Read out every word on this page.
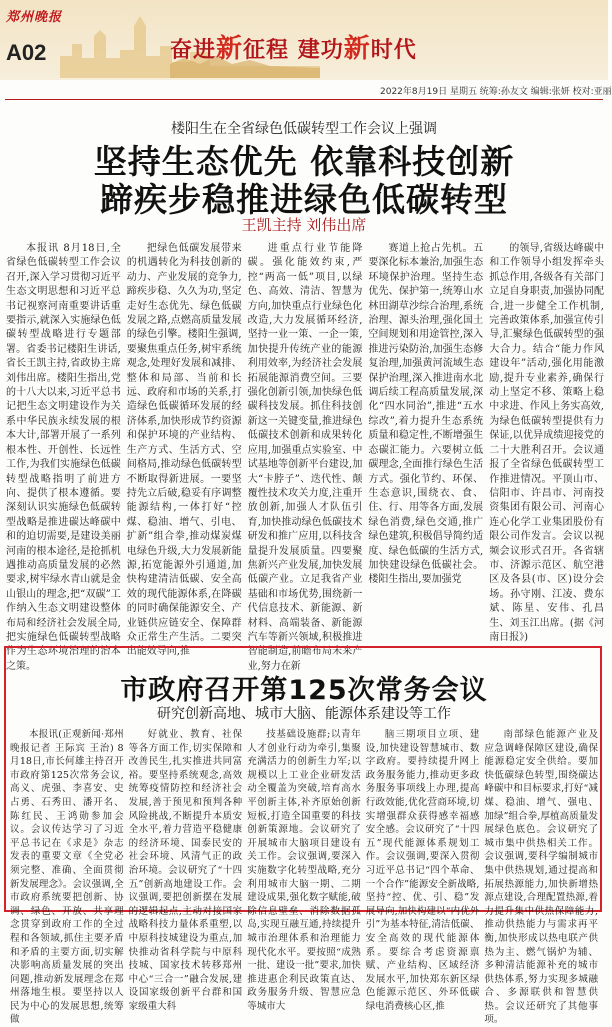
郑州晚报
A02	奋进新征程 建功新时代
2022年8月19日 星期五 统筹:孙友文 编辑:张妍 校对:亚丽
楼阳生在全省绿色低碳转型工作会议上强调
坚持生态优先 依靠科技创新
蹄疾步稳推进绿色低碳转型
王凯主持 刘伟出席

本报讯 8月18日,全省绿色低碳转型工作会议召开,深入学习贯彻习近平生态文明思想和习近平总书记视察河南重要讲话重要指示,就深入实施绿色低碳转型战略进行专题部署。省委书记楼阳生讲话,省长王凯主持,省政协主席刘伟出席。楼阳生指出,党的十八大以来,习近平总书记把生态文明建设作为关系中华民族永续发展的根本大计,部署开展了一系列根本性、开创性、长远性工作,为我们实施绿色低碳转型战略指明了前进方向、提供了根本遵循。要深刻认识实施绿色低碳转型战略是推进碳达峰碳中和的迫切需要,是建设美丽河南的根本途径,是抢抓机遇推动高质量发展的必然要求,树牢绿水青山就是金山银山的理念,把“双碳”工作纳入生态文明建设整体布局和经济社会发展全局,把实施绿色低碳转型战略作为生态环境治理的治本之策。

把绿色低碳发展带来的机遇转化为科技创新的动力、产业发展的竞争力,蹄疾步稳、久久为功,坚定走好生态优先、绿色低碳发展之路,点燃高质量发展的绿色引擎。楼阳生强调,要聚焦重点任务,树牢系统观念,处理好发展和减排、整体和局部、当前和长远、政府和市场的关系,打造绿色低碳循环发展的经济体系,加快形成节约资源和保护环境的产业结构、生产方式、生活方式、空间格局,推动绿色低碳转型不断取得新进展。一要坚持先立后破,稳妥有序调整能源结构,一体打好“控煤、稳油、增气、引电、扩新”组合拳,推动煤炭煤电绿色升级,大力发展新能源,拓宽能源外引通道,加快构建清洁低碳、安全高效的现代能源体系,在降碳的同时确保能源安全、产业链供应链安全、保障群众正常生产生活。二要突出能效导向,推

进重点行业节能降碳。强化能效约束,严控“两高一低”项目,以绿色、高效、清洁、智慧为方向,加快重点行业绿色化改造,大力发展循环经济,坚持一业一策、一企一策,加快提升传统产业的能源利用效率,为经济社会发展拓展能源消费空间。三要强化创新引领,加快绿色低碳科技发展。抓住科技创新这一关键变量,推进绿色低碳技术创新和成果转化应用,加强重点实验室、中试基地等创新平台建设,加大“卡脖子”、迭代性、颠覆性技术攻关力度,注重开放创新,加强人才队伍引育,加快推动绿色低碳技术研发和推广应用,以科技含量提升发展质量。四要聚焦新兴产业发展,加快发展低碳产业。立足我省产业基础和市场优势,围绕新一代信息技术、新能源、新材料、高端装备、新能源汽车等新兴领域,积极推进智能制造,前瞻布局未来产业,努力在新

赛道上抢占先机。五要深化标本兼治,加强生态环境保护治理。坚持生态优先、保护第一,统筹山水林田湖草沙综合治理,系统治理、源头治理,强化国土空间规划和用途管控,深入推进污染防治,加强生态修复治理,加强黄河流域生态保护治理,深入推进南水北调后续工程高质量发展,深化“四水同治”,推进“五水综改”,着力提升生态系统质量和稳定性,不断增强生态碳汇能力。六要树立低碳理念,全面推行绿色生活方式。强化节约、环保、生态意识,围绕衣、食、住、行、用等各方面,发展绿色消费,绿色交通,推广绿色建筑,积极倡导简约适度、绿色低碳的生活方式,加快建设绿色低碳社会。楼阳生指出,要加强党

的领导,省级达峰碳中和工作领导小组发挥牵头抓总作用,各级各有关部门立足自身职责,加强协同配合,进一步健全工作机制,完善政策体系,加强宣传引导,汇聚绿色低碳转型的强大合力。结合“能力作风建设年”活动,强化用能激励,提升专业素养,确保行动上坚定不移、策略上稳中求进、作风上务实高效,为绿色低碳转型提供有力保证,以优异成绩迎接党的二十大胜利召开。会议通报了全省绿色低碳转型工作推进情况。平顶山市、信阳市、许昌市、河南投资集团有限公司、河南心连心化学工业集团股份有限公司作发言。会议以视频会议形式召开。各省辖市、济源示范区、航空港区及各县(市、区)设分会场。孙守刚、江凌、费东斌、陈星、安伟、孔昌生、刘玉江出席。(据《河南日报》)

市政府召开第125次常务会议
研究创新高地、城市大脑、能源体系建设等工作

本报讯(正观新闻·郑州晚报记者 王际宾 王治) 8月18日,市长何雄主持召开市政府第125次常务会议,高义、虎强、李喜安、史占勇、石秀田、潘开名、陈红民、王鸿勋参加会议。会议传达学习了习近平总书记在《求是》杂志发表的重要文章《全党必须完整、准确、全面贯彻新发展理念》。会议强调,全市政府系统要把创新、协调、绿色、开放、共享理念贯穿到政府工作的全过程和各领域,抓住主要矛盾和矛盾的主要方面,切实解决影响高质量发展的突出问题,推动新发展理念在郑州落地生根。要坚持以人民为中心的发展思想,统筹做

好就业、教育、社保等各方面工作,切实保障和改善民生,扎实推进共同富裕。要坚持系统观念,高效统筹疫情防控和经济社会发展,善于预见和预判各种风险挑战,不断提升本质安全水平,着力营造平稳健康的经济环境、国泰民安的社会环境、风清气正的政治环境。会议研究了“十四五”创新高地建设工作。会议强调,要把创新摆在发展的逻辑起点,主动对接国家战略科技力量体系重塑,以中原科技城建设为重点,加快推动省科学院与中原科技城、国家技术转移郑州中心“三合一”融合发展,建设国家级创新平台群和国家级重大科

技基础设施群;以青年人才创业行动为牵引,集聚充满活力的创新生力军;以规模以上工业企业研发活动全覆盖为突破,培育高水平创新主体,补齐原始创新短板,打造全国重要的科技创新策源地。会议研究了开展城市大脑项目建设有关工作。会议强调,要深入实施数字化转型战略,充分利用城市大脑一期、二期建设成果,强化数字赋能,破除信息壁垒、消除数据孤岛,实现互融互通,持续提升城市治理体系和治理能力现代化水平。要按照“成熟一批、建设一批”要求,加快推进惠企利民政策直达、政务服务升级、智慧应急等城市大

脑三期项目立项、建设,加快建设智慧城市、数字政府。要持续提升网上政务服务能力,推动更多政务服务事项线上办理,提高行政效能,优化营商环境,切实增强群众获得感幸福感安全感。会议研究了“十四五”现代能源体系规划工作。会议强调,要深入贯彻习近平总书记“四个革命、一个合作”能源安全新战略,坚持“控、优、引、稳”发展导向,加快构建以“内优外引”为基本特征,清洁低碳、安全高效的现代能源体系。要综合考虑资源禀赋、产业结构、区域经济发展水平,加快郑东新区绿色能源示范区、外环低碳绿电消费核心区,推

南部绿色能源产业及应急调峰保障区建设,确保能源稳定安全供给。要加快低碳绿色转型,围绕碳达峰碳中和目标要求,打好“减煤、稳油、增气、强电、加绿”组合拳,厚植高质量发展绿色底色。会议研究了城市集中供热相关工作。会议强调,要科学编制城市集中供热规划,通过提高和拓展热源能力,加快新增热源点建设,合理配置热源,着力提升集中供热保障能力,推动供热能力与需求再平衡,加快形成以热电联产供热为主、燃气锅炉为辅、多种清洁能源补充的城市供热体系,努力实现多城融合、多源联供和智慧供热。会议还研究了其他事项。
